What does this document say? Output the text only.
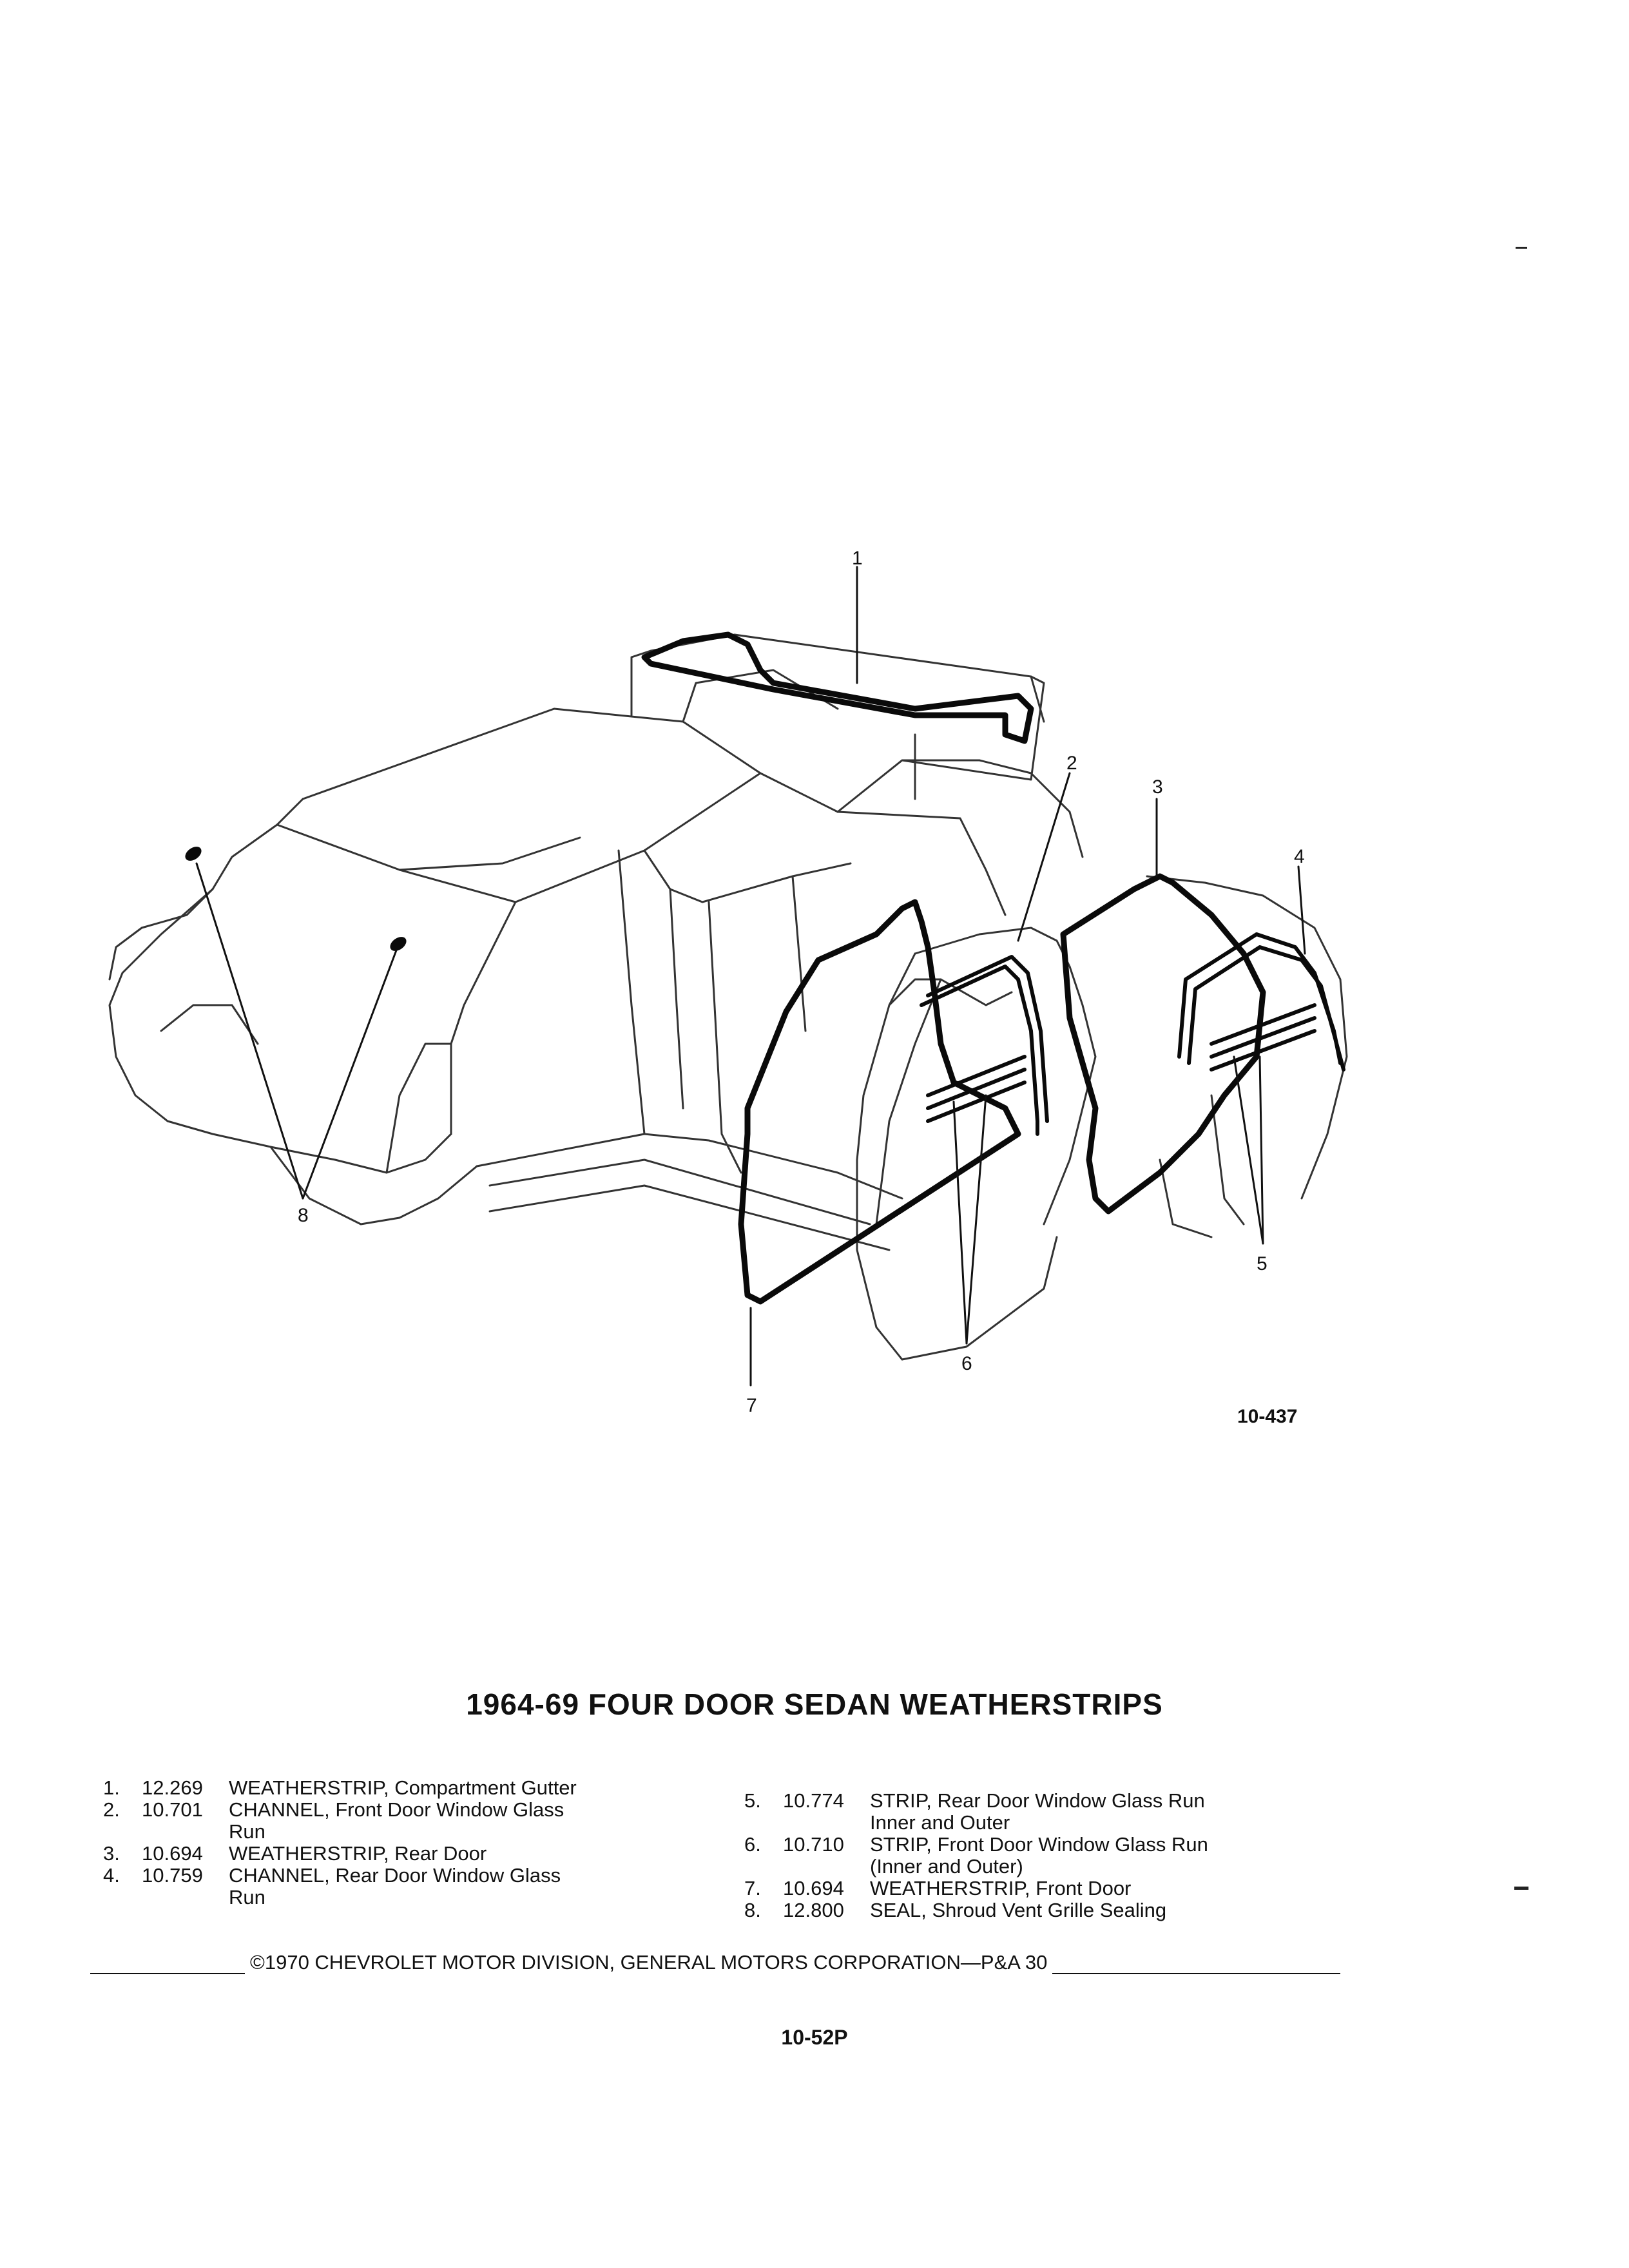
1
2
3
4
5
6
7
8
10-437
1964-69 FOUR DOOR SEDAN WEATHERSTRIPS
1. 12.269 WEATHERSTRIP, Compartment Gutter
2. 10.701 CHANNEL, Front Door Window Glass
Run
3. 10.694 WEATHERSTRIP, Rear Door
4. 10.759 CHANNEL, Rear Door Window Glass
Run
5. 10.774 STRIP, Rear Door Window Glass Run
Inner and Outer
6. 10.710 STRIP, Front Door Window Glass Run
(Inner and Outer)
7. 10.694 WEATHERSTRIP, Front Door
8. 12.800 SEAL, Shroud Vent Grille Sealing
©1970 CHEVROLET MOTOR DIVISION, GENERAL MOTORS CORPORATION—P&A 30
10-52P
